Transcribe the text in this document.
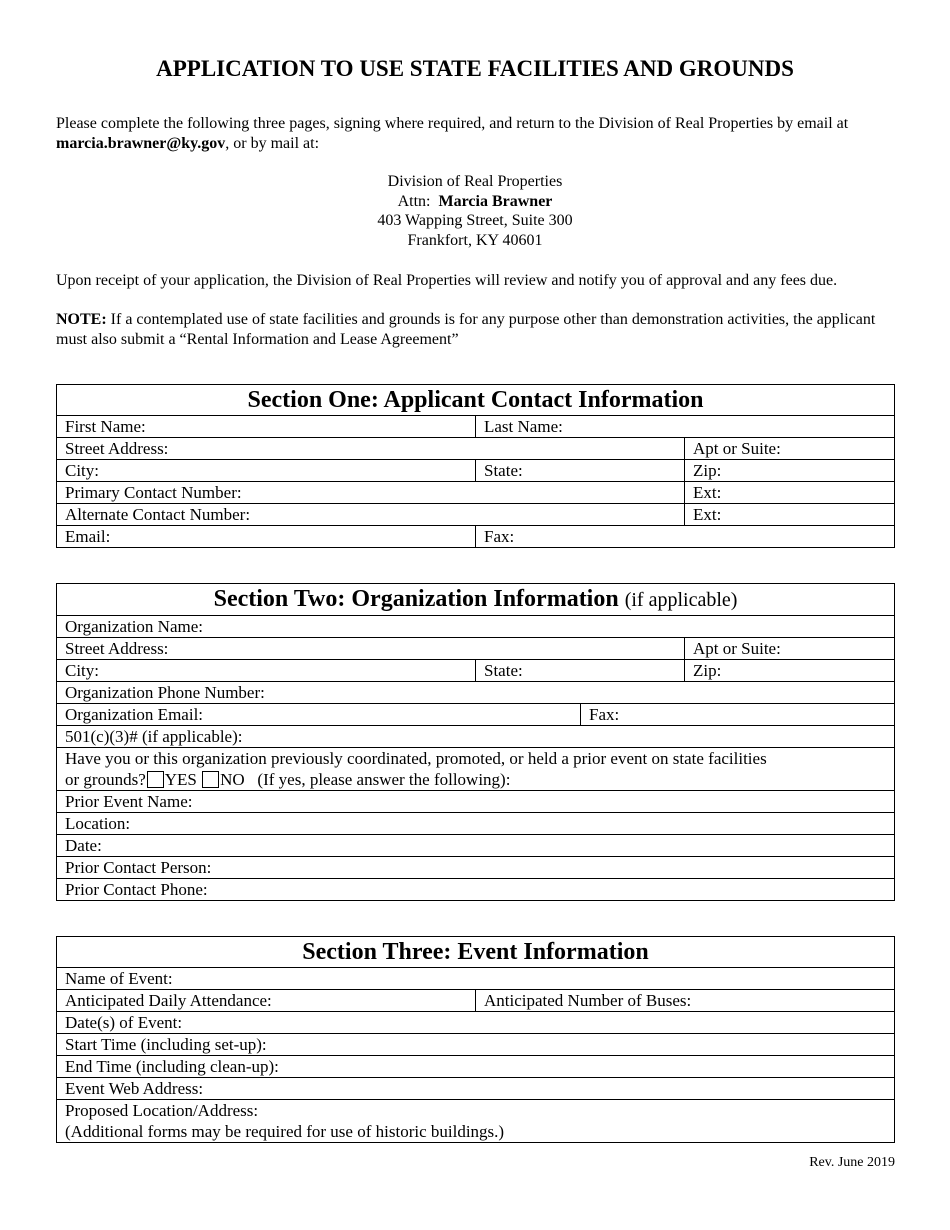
APPLICATION TO USE STATE FACILITIES AND GROUNDS
Please complete the following three pages, signing where required, and return to the Division of Real Properties by email at marcia.brawner@ky.gov, or by mail at:
Division of Real Properties
Attn: Marcia Brawner
403 Wapping Street, Suite 300
Frankfort, KY 40601
Upon receipt of your application, the Division of Real Properties will review and notify you of approval and any fees due.
NOTE: If a contemplated use of state facilities and grounds is for any purpose other than demonstration activities, the applicant must also submit a “Rental Information and Lease Agreement”
Section One: Applicant Contact Information		
First Name:	Last Name:	
Street Address:		Apt or Suite:
City:	State:	Zip:
Primary Contact Number:		Ext:
Alternate Contact Number:		Ext:
Email:	Fax:	
Section Two: Organization Information (if applicable)			
Organization Name:			
Street Address:			Apt or Suite:
City:	State:		Zip:
Organization Phone Number:			
Organization Email:		Fax:	
501(c)(3)# (if applicable):			

Have you or this organization previously coordinated, promoted, or held a prior event on state facilities
or grounds? YES NO (If yes, please answer the following):			

Prior Event Name:			
Location:			
Date:			
Prior Contact Person:			
Prior Contact Phone:			
Section Three: Event Information
Name of Event:
Anticipated Daily Attendance:	Anticipated Number of Buses:
Date(s) of Event:
Start Time (including set-up):
End Time (including clean-up):
Event Web Address:

Proposed Location/Address:
(Additional forms may be required for use of historic buildings.)
Rev. June 2019
